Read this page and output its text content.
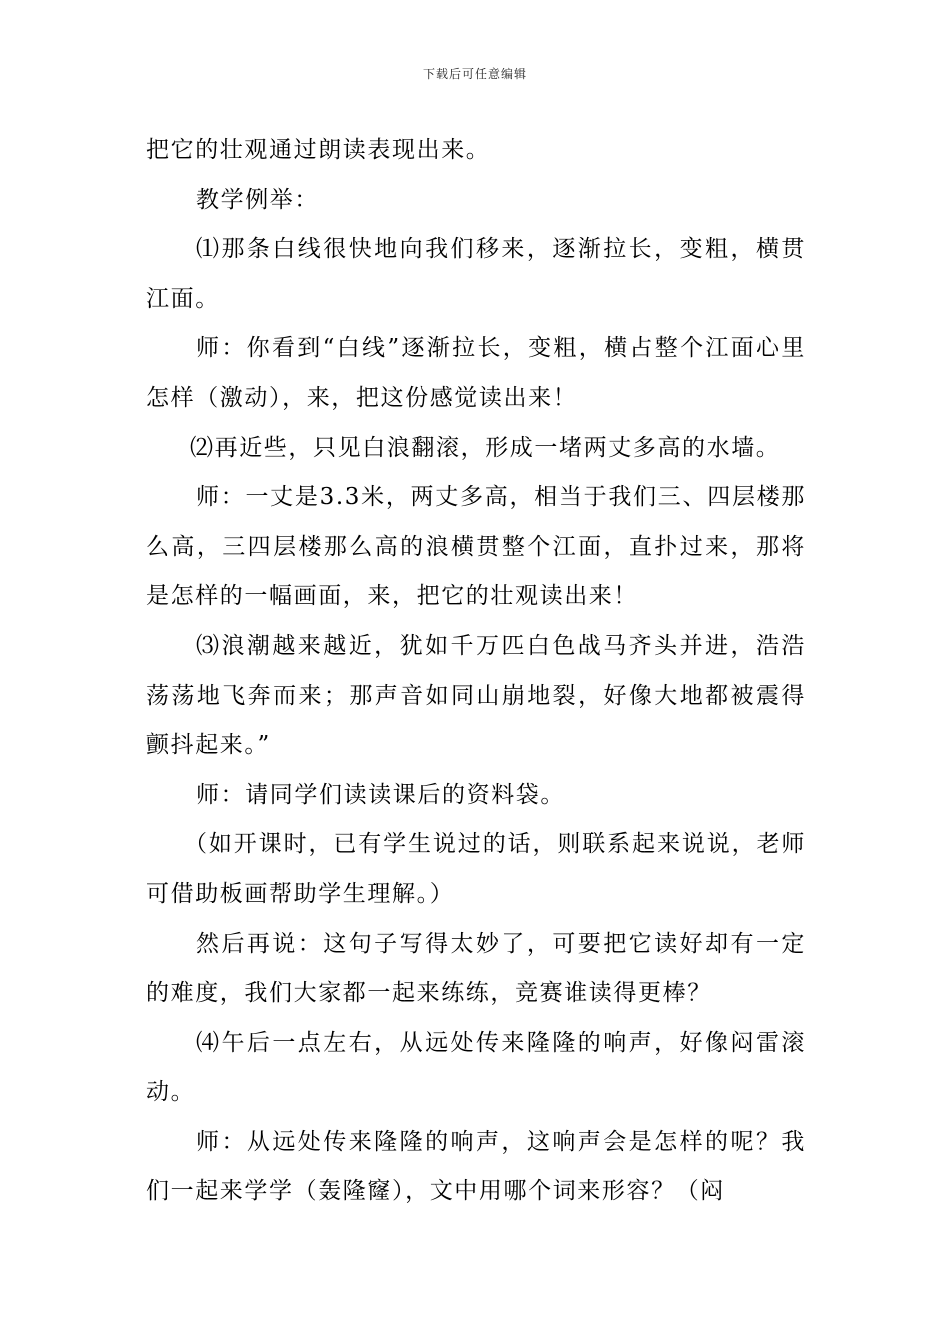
下载后可任意编辑

把它的壮观通过朗读表现出来。

教学例举：

⑴那条白线很快地向我们移来，逐渐拉长，变粗，横贯江面。

师：你看到“白线”逐渐拉长，变粗，横占整个江面心里怎样（激动），来，把这份感觉读出来！

⑵再近些，只见白浪翻滚，形成一堵两丈多高的水墙。

师：一丈是3.3米，两丈多高，相当于我们三、四层楼那么高，三四层楼那么高的浪横贯整个江面，直扑过来，那将是怎样的一幅画面，来，把它的壮观读出来！

⑶浪潮越来越近，犹如千万匹白色战马齐头并进，浩浩荡荡地飞奔而来；那声音如同山崩地裂，好像大地都被震得颤抖起来。”

师：请同学们读读课后的资料袋。

（如开课时，已有学生说过的话，则联系起来说说，老师可借助板画帮助学生理解。）

然后再说：这句子写得太妙了，可要把它读好却有一定的难度，我们大家都一起来练练，竞赛谁读得更棒？

⑷午后一点左右，从远处传来隆隆的响声，好像闷雷滚动。

师：从远处传来隆隆的响声，这响声会是怎样的呢？我们一起来学学（轰隆窿），文中用哪个词来形容？（闷
